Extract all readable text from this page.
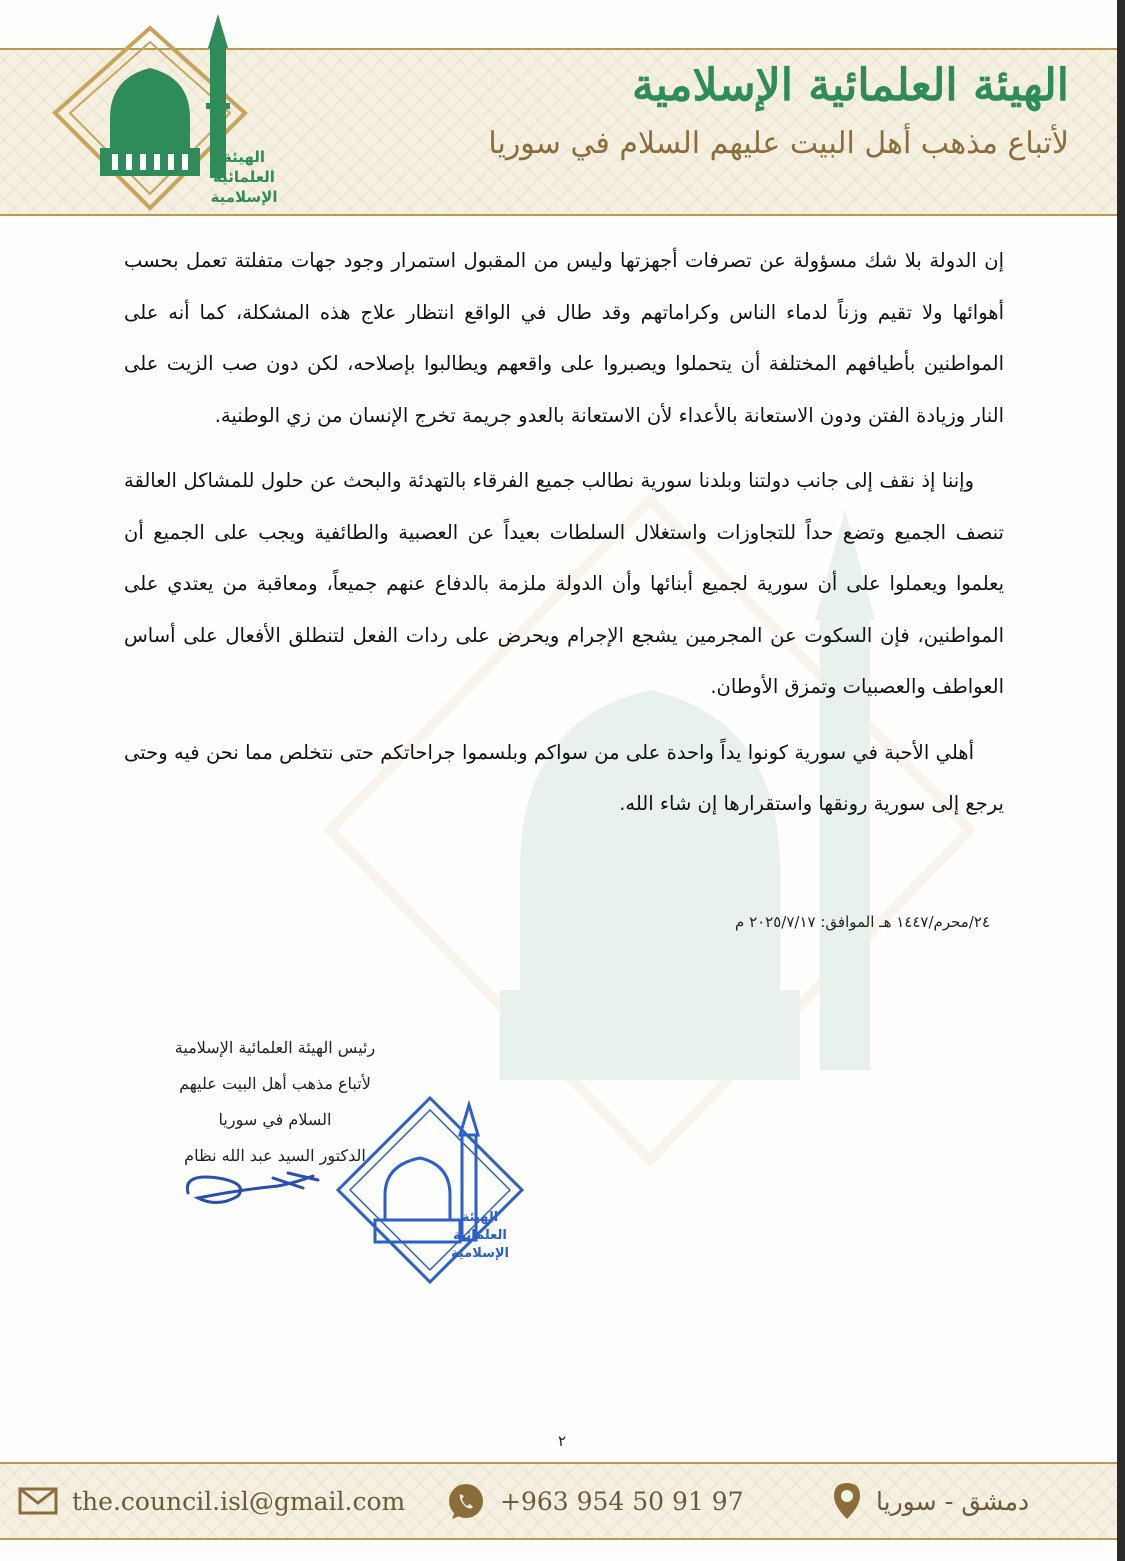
الهيئة العلمائية الإسلامية
لأتباع مذهب أهل البيت عليهم السلام في سوريا
الهيئة
العلمائية
الإسلامية

إن الدولة بلا شك مسؤولة عن تصرفات أجهزتها وليس من المقبول استمرار وجود جهات متفلتة تعمل بحسب أهوائها ولا تقيم وزناً لدماء الناس وكراماتهم وقد طال في الواقع انتظار علاج هذه المشكلة، كما أنه على المواطنين بأطيافهم المختلفة أن يتحملوا ويصبروا على واقعهم ويطالبوا بإصلاحه، لكن دون صب الزيت على النار وزيادة الفتن ودون الاستعانة بالأعداء لأن الاستعانة بالعدو جريمة تخرج الإنسان من زي الوطنية.

وإننا إذ نقف إلى جانب دولتنا وبلدنا سورية نطالب جميع الفرقاء بالتهدئة والبحث عن حلول للمشاكل العالقة تنصف الجميع وتضع حداً للتجاوزات واستغلال السلطات بعيداً عن العصبية والطائفية ويجب على الجميع أن يعلموا ويعملوا على أن سورية لجميع أبنائها وأن الدولة ملزمة بالدفاع عنهم جميعاً، ومعاقبة من يعتدي على المواطنين، فإن السكوت عن المجرمين يشجع الإجرام ويحرض على ردات الفعل لتنطلق الأفعال على أساس العواطف والعصبيات وتمزق الأوطان.

أهلي الأحبة في سورية كونوا يداً واحدة على من سواكم وبلسموا جراحاتكم حتى نتخلص مما نحن فيه وحتى يرجع إلى سورية رونقها واستقرارها إن شاء الله.

٢٤/محرم/١٤٤٧ هـ الموافق: ٢٠٢٥/٧/١٧ م
رئيس الهيئة العلمائية الإسلامية
لأتباع مذهب أهل البيت عليهم السلام في سوريا
الدكتور السيد عبد الله نظام
الهيئة
العلمائية
الإسلامية
٢
the.council.isl@gmail.com	+963 954 50 91 97	دمشق - سوريا
